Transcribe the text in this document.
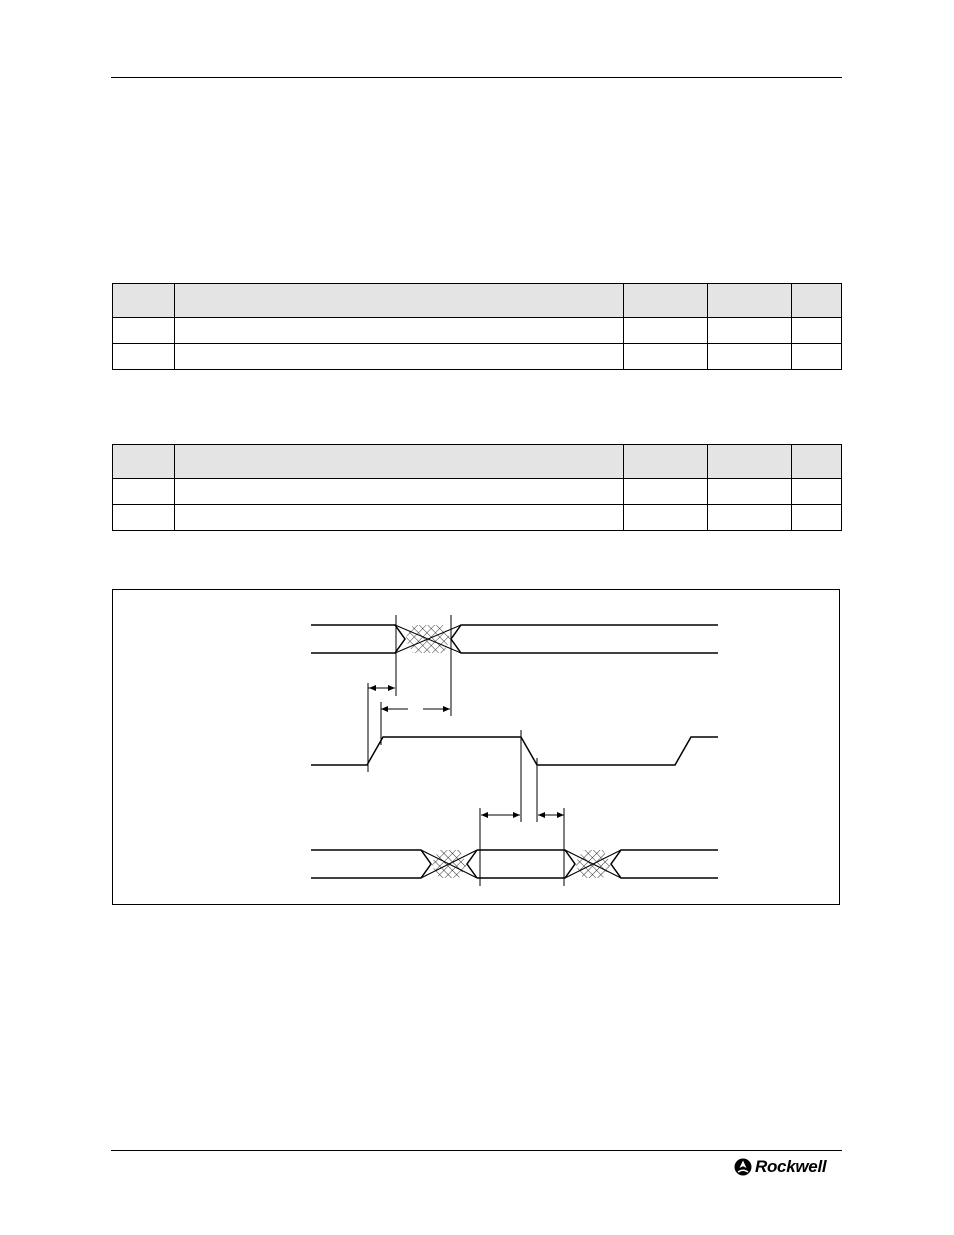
Rockwell
